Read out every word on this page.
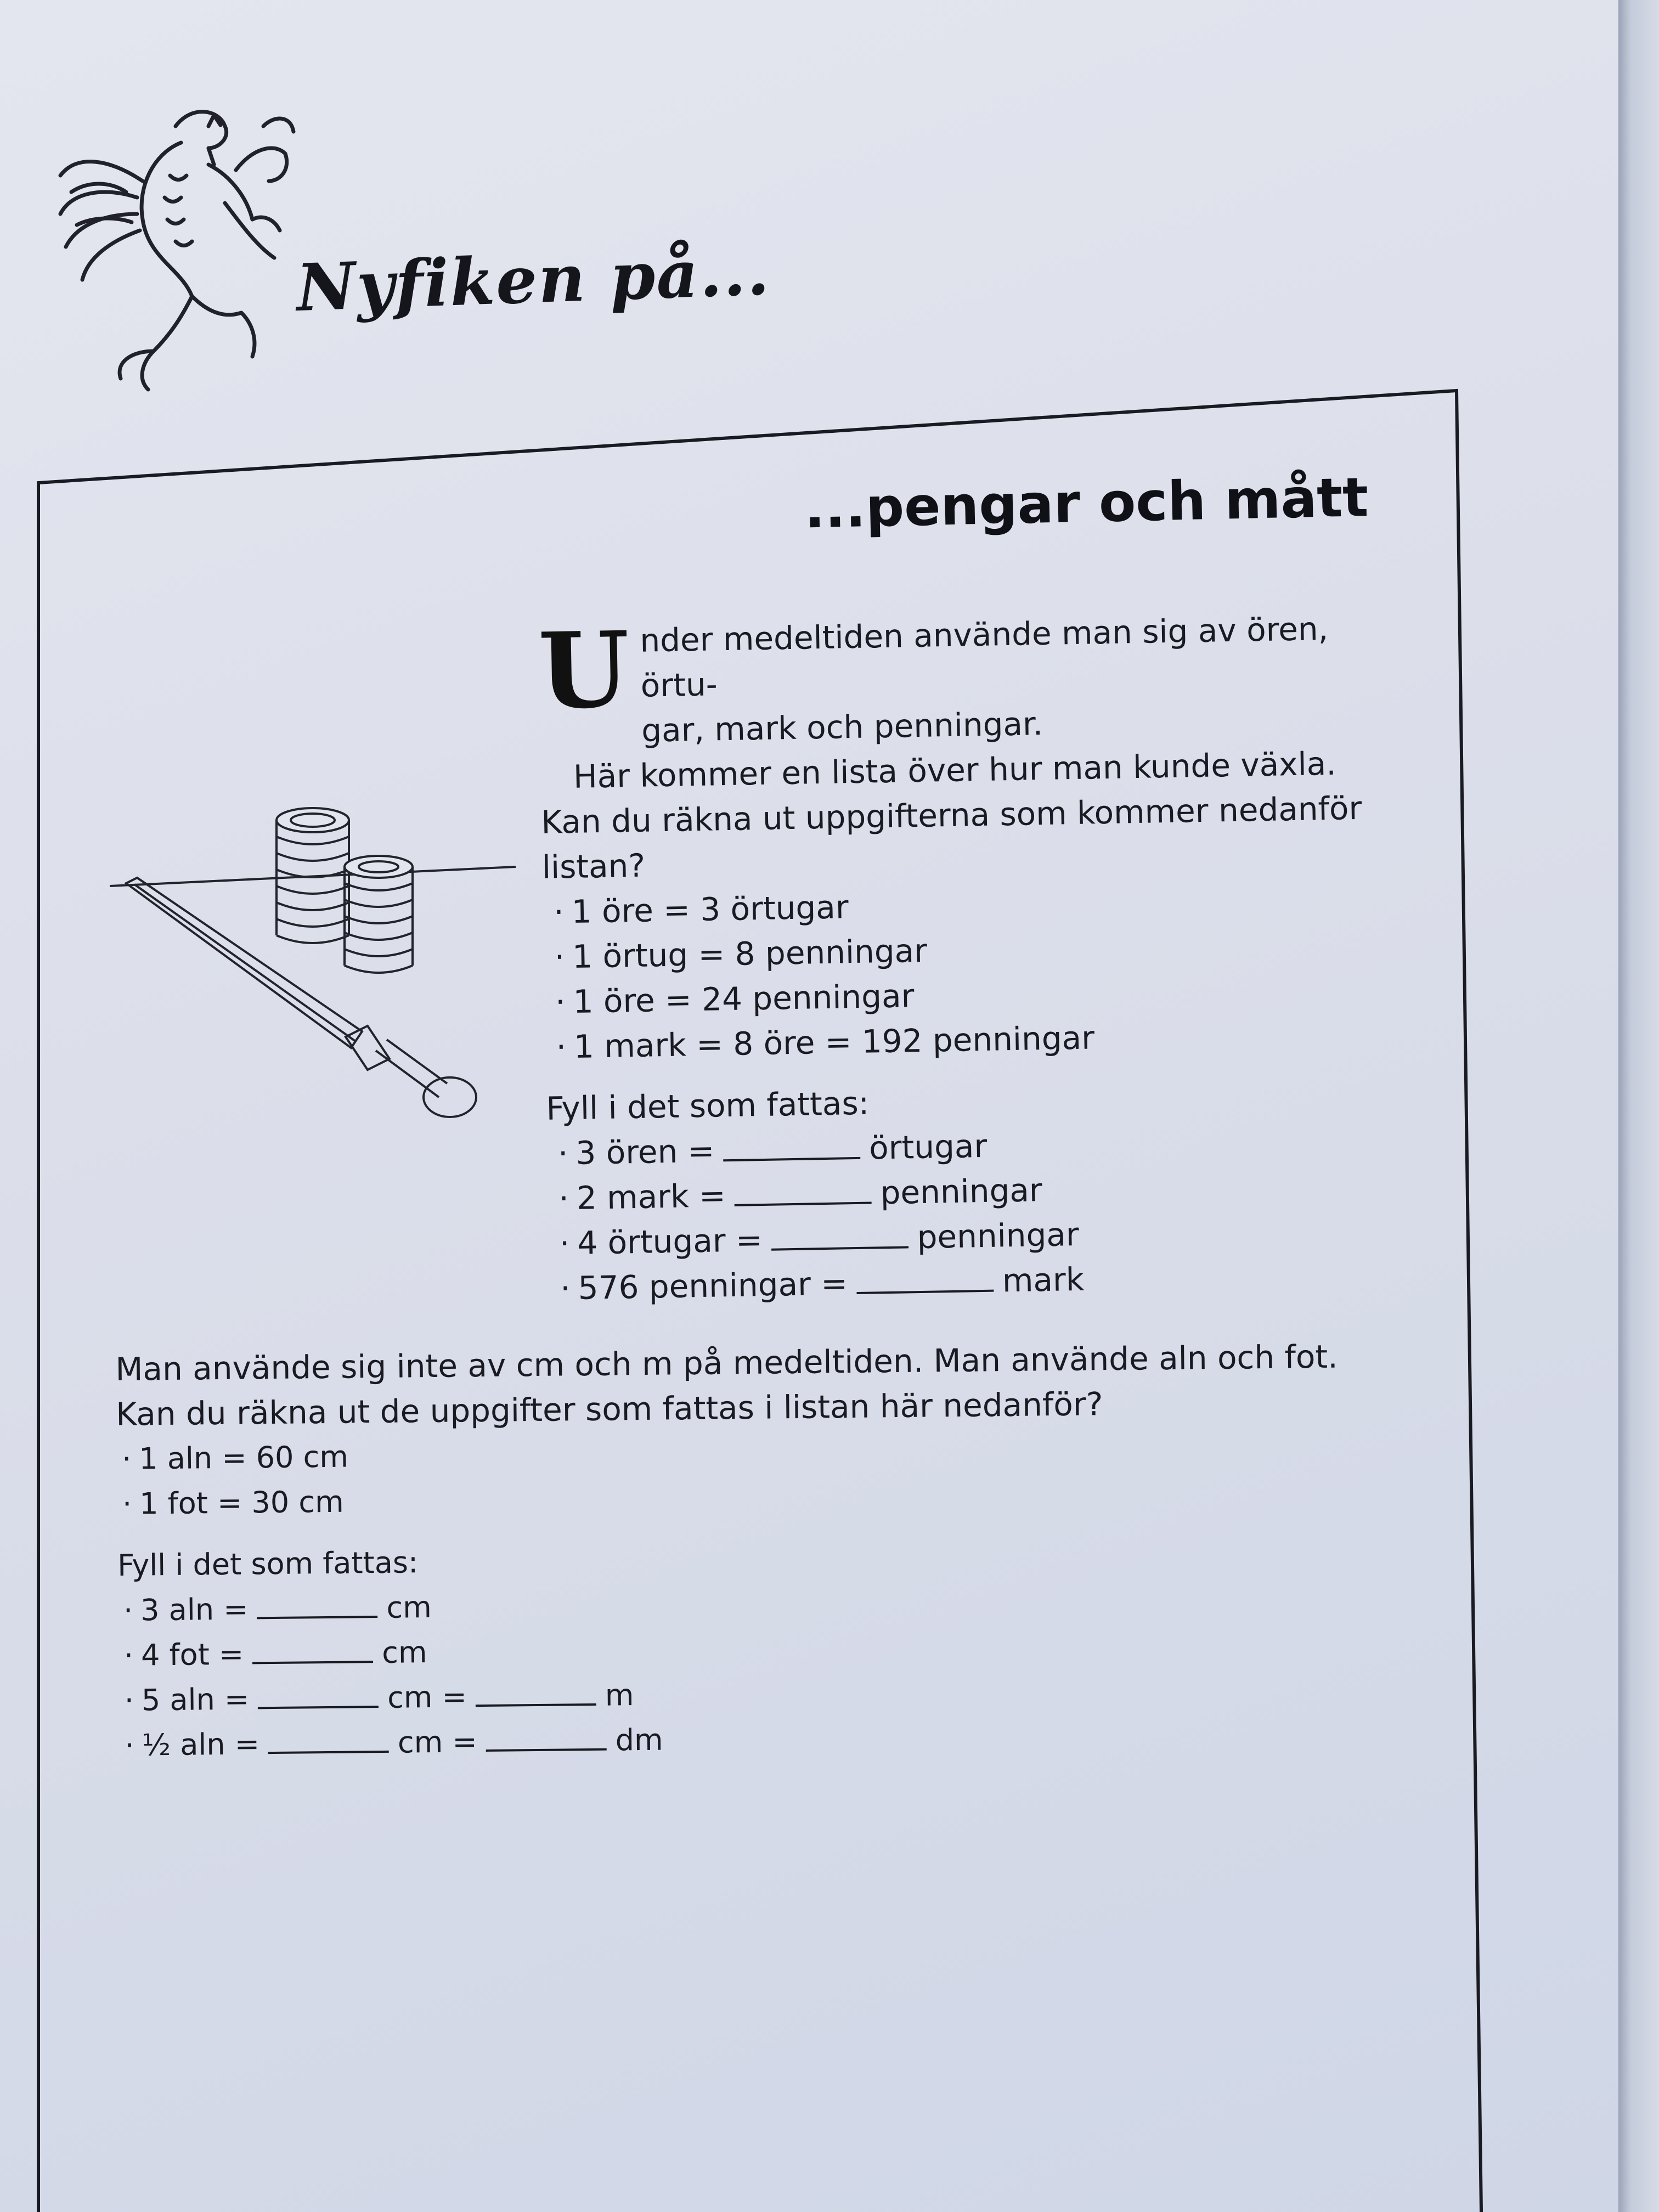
Nyfiken på...
...pengar och mått
U nder medeltiden använde man sig av ören, örtu-

gar, mark och penningar.

Här kommer en lista över hur man kunde växla. Kan du räkna ut uppgifterna som kommer nedanför listan?

· 1 öre = 3 örtugar
· 1 örtug = 8 penningar
· 1 öre = 24 penningar
· 1 mark = 8 öre = 192 penningar

Fyll i det som fattas:

· 3 ören =	örtugar
· 2 mark =	penningar
· 4 örtugar =	penningar
· 576 penningar =	mark

Man använde sig inte av cm och m på medeltiden. Man använde aln och fot.

Kan du räkna ut de uppgifter som fattas i listan här nedanför?

· 1 aln = 60 cm
· 1 fot = 30 cm

Fyll i det som fattas:

· 3 aln =	cm
· 4 fot =	cm
· 5 aln =	cm =	m
· ½ aln =	cm =	dm
